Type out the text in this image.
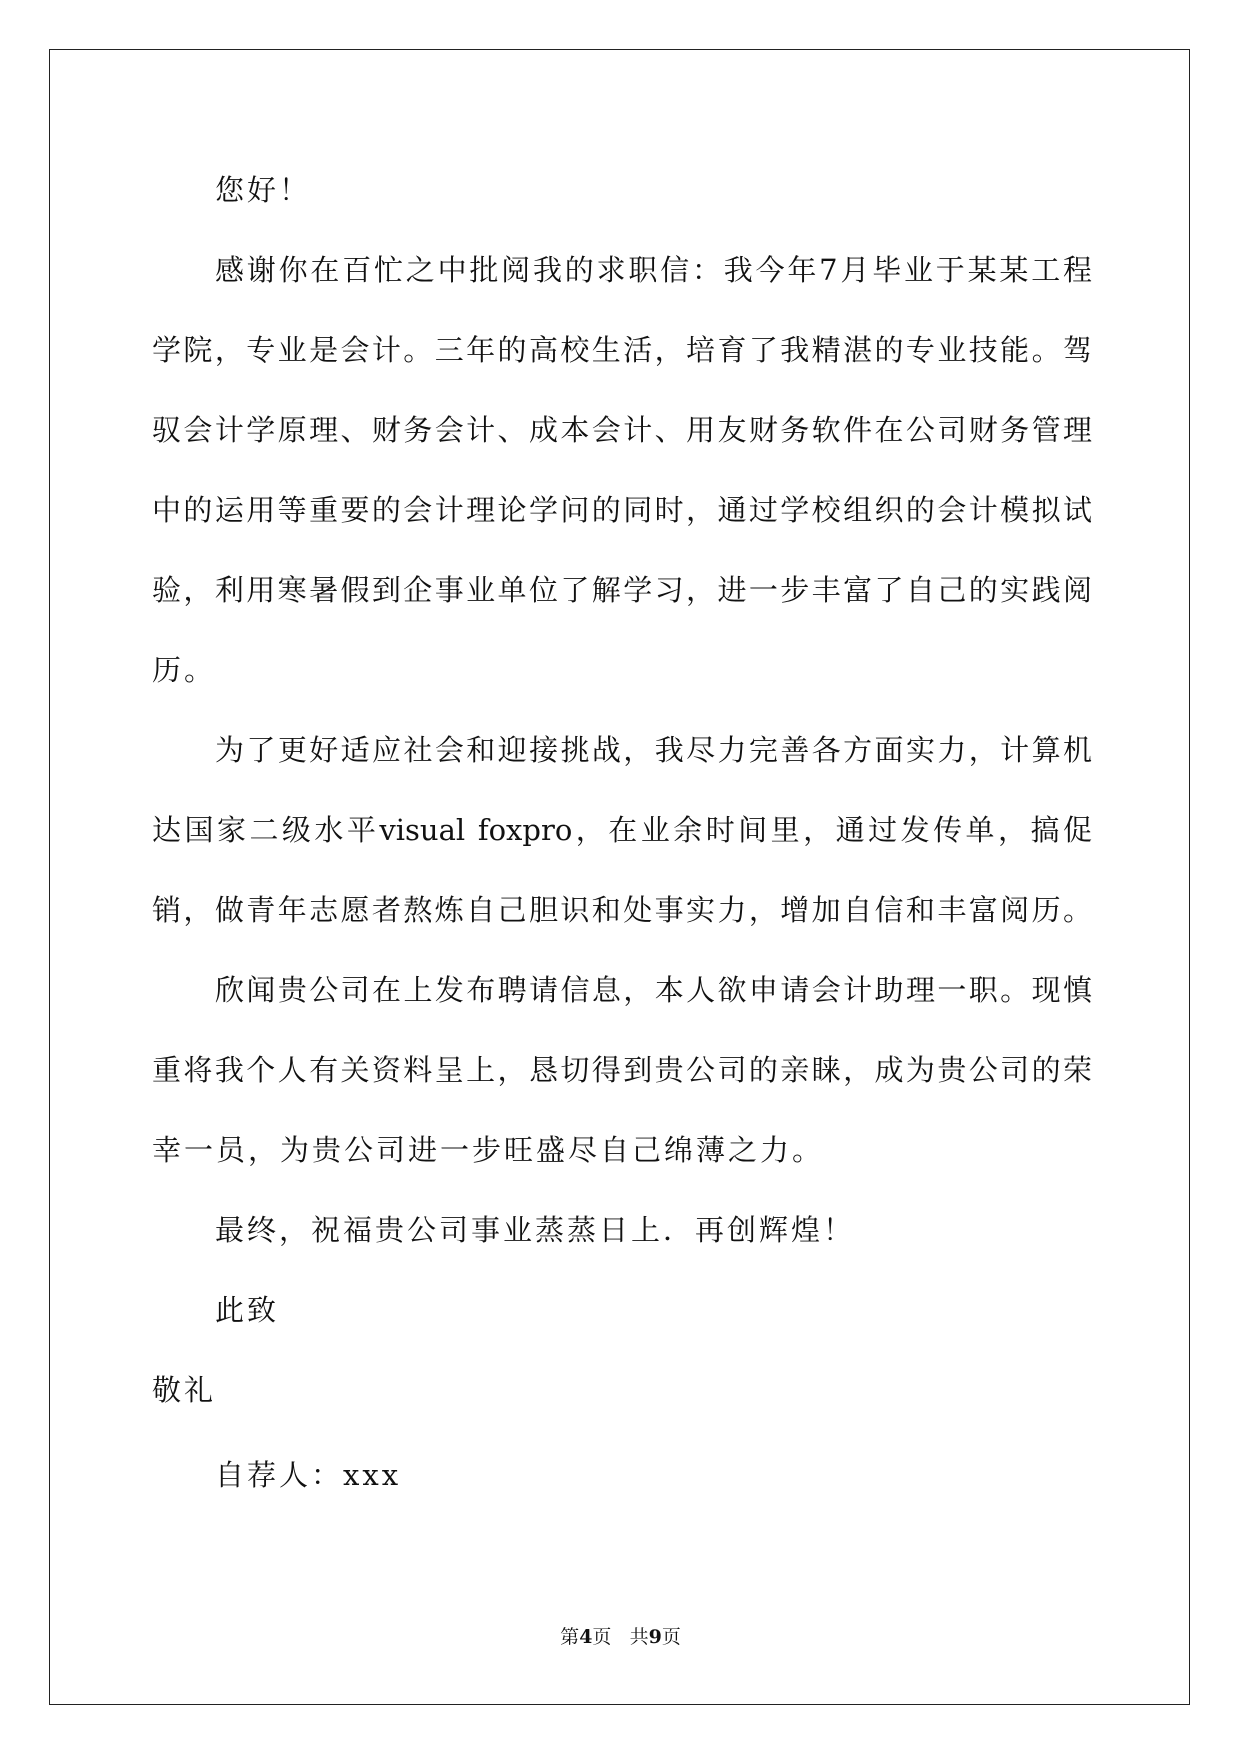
您好！
感谢你在百忙之中批阅我的求职信：我今年7月毕业于某某工程
学院，专业是会计。三年的高校生活，培育了我精湛的专业技能。驾
驭会计学原理、财务会计、成本会计、用友财务软件在公司财务管理
中的运用等重要的会计理论学问的同时，通过学校组织的会计模拟试
验，利用寒暑假到企事业单位了解学习，进一步丰富了自己的实践阅
历。
为了更好适应社会和迎接挑战，我尽力完善各方面实力，计算机
达国家二级水平visual foxpro，在业余时间里，通过发传单，搞促
销，做青年志愿者熬炼自己胆识和处事实力，增加自信和丰富阅历。
欣闻贵公司在上发布聘请信息，本人欲申请会计助理一职。现慎
重将我个人有关资料呈上，恳切得到贵公司的亲睐，成为贵公司的荣
幸一员，为贵公司进一步旺盛尽自己绵薄之力。
最终，祝福贵公司事业蒸蒸日上．再创辉煌！
此致
敬礼
自荐人：xxx
第4页 共9页
